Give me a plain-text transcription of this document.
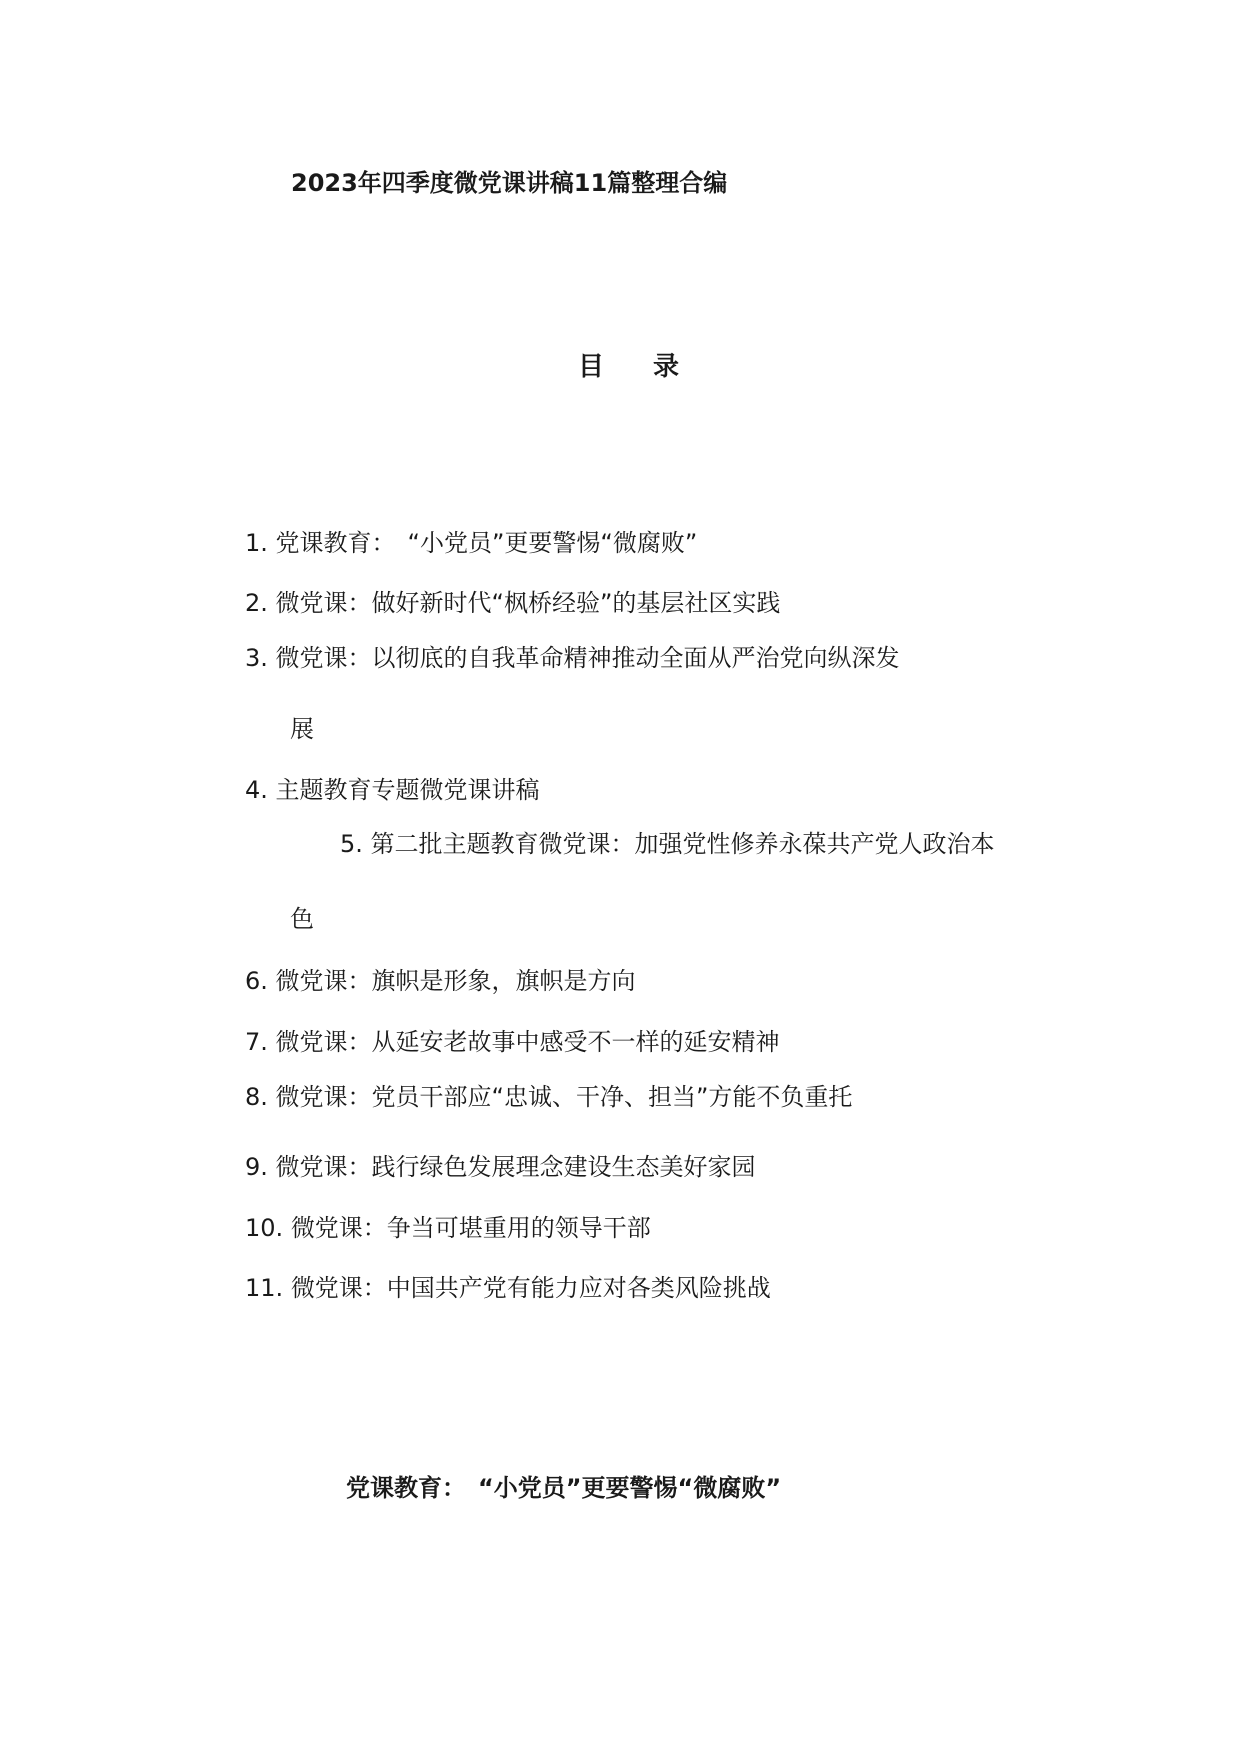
2023年四季度微党课讲稿11篇整理合编
目 录
1. 党课教育：　“小党员”更要警惕“微腐败”
2. 微党课：做好新时代“枫桥经验”的基层社区实践
3. 微党课：以彻底的自我革命精神推动全面从严治党向纵深发
展
4. 主题教育专题微党课讲稿
5. 第二批主题教育微党课：加强党性修养永葆共产党人政治本
色
6. 微党课：旗帜是形象，旗帜是方向
7. 微党课：从延安老故事中感受不一样的延安精神
8. 微党课：党员干部应“忠诚、干净、担当”方能不负重托
9. 微党课：践行绿色发展理念建设生态美好家园
10. 微党课：争当可堪重用的领导干部
11. 微党课：中国共产党有能力应对各类风险挑战
党课教育：　“小党员”更要警惕“微腐败”
